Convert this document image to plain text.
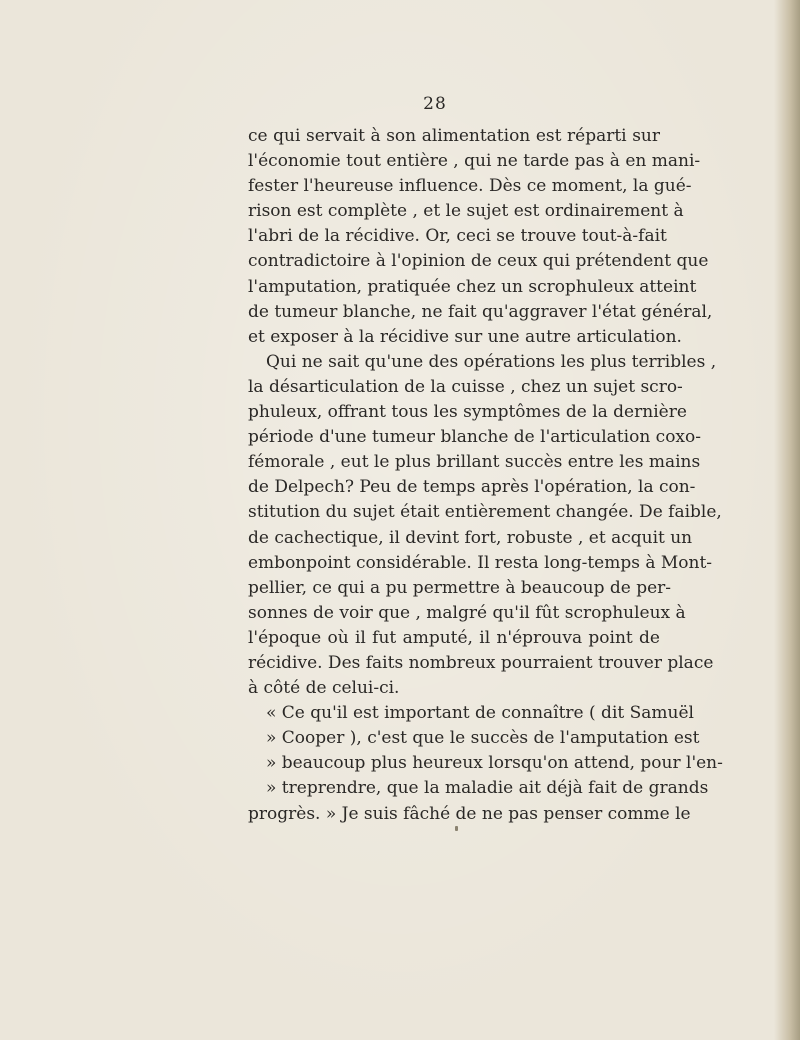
28
ce qui servait à son alimentation est réparti sur
l'économie tout entière , qui ne tarde pas à en mani-
fester l'heureuse influence. Dès ce moment, la gué-
rison est complète , et le sujet est ordinairement à
l'abri de la récidive. Or, ceci se trouve tout-à-fait
contradictoire à l'opinion de ceux qui prétendent que
l'amputation, pratiquée chez un scrophuleux atteint
de tumeur blanche, ne fait qu'aggraver l'état général,
et exposer à la récidive sur une autre articulation.
Qui ne sait qu'une des opérations les plus terribles ,
la désarticulation de la cuisse , chez un sujet scro-
phuleux, offrant tous les symptômes de la dernière
période d'une tumeur blanche de l'articulation coxo-
fémorale , eut le plus brillant succès entre les mains
de Delpech? Peu de temps après l'opération, la con-
stitution du sujet était entièrement changée. De faible,
de cachectique, il devint fort, robuste , et acquit un
embonpoint considérable. Il resta long-temps à Mont-
pellier, ce qui a pu permettre à beaucoup de per-
sonnes de voir que , malgré qu'il fût scrophuleux à
l'époque où il fut amputé, il n'éprouva point de
récidive. Des faits nombreux pourraient trouver place
à côté de celui-ci.
« Ce qu'il est important de connaître ( dit Samuël
» Cooper ), c'est que le succès de l'amputation est
» beaucoup plus heureux lorsqu'on attend, pour l'en-
» treprendre, que la maladie ait déjà fait de grands
progrès. » Je suis fâché de ne pas penser comme le
